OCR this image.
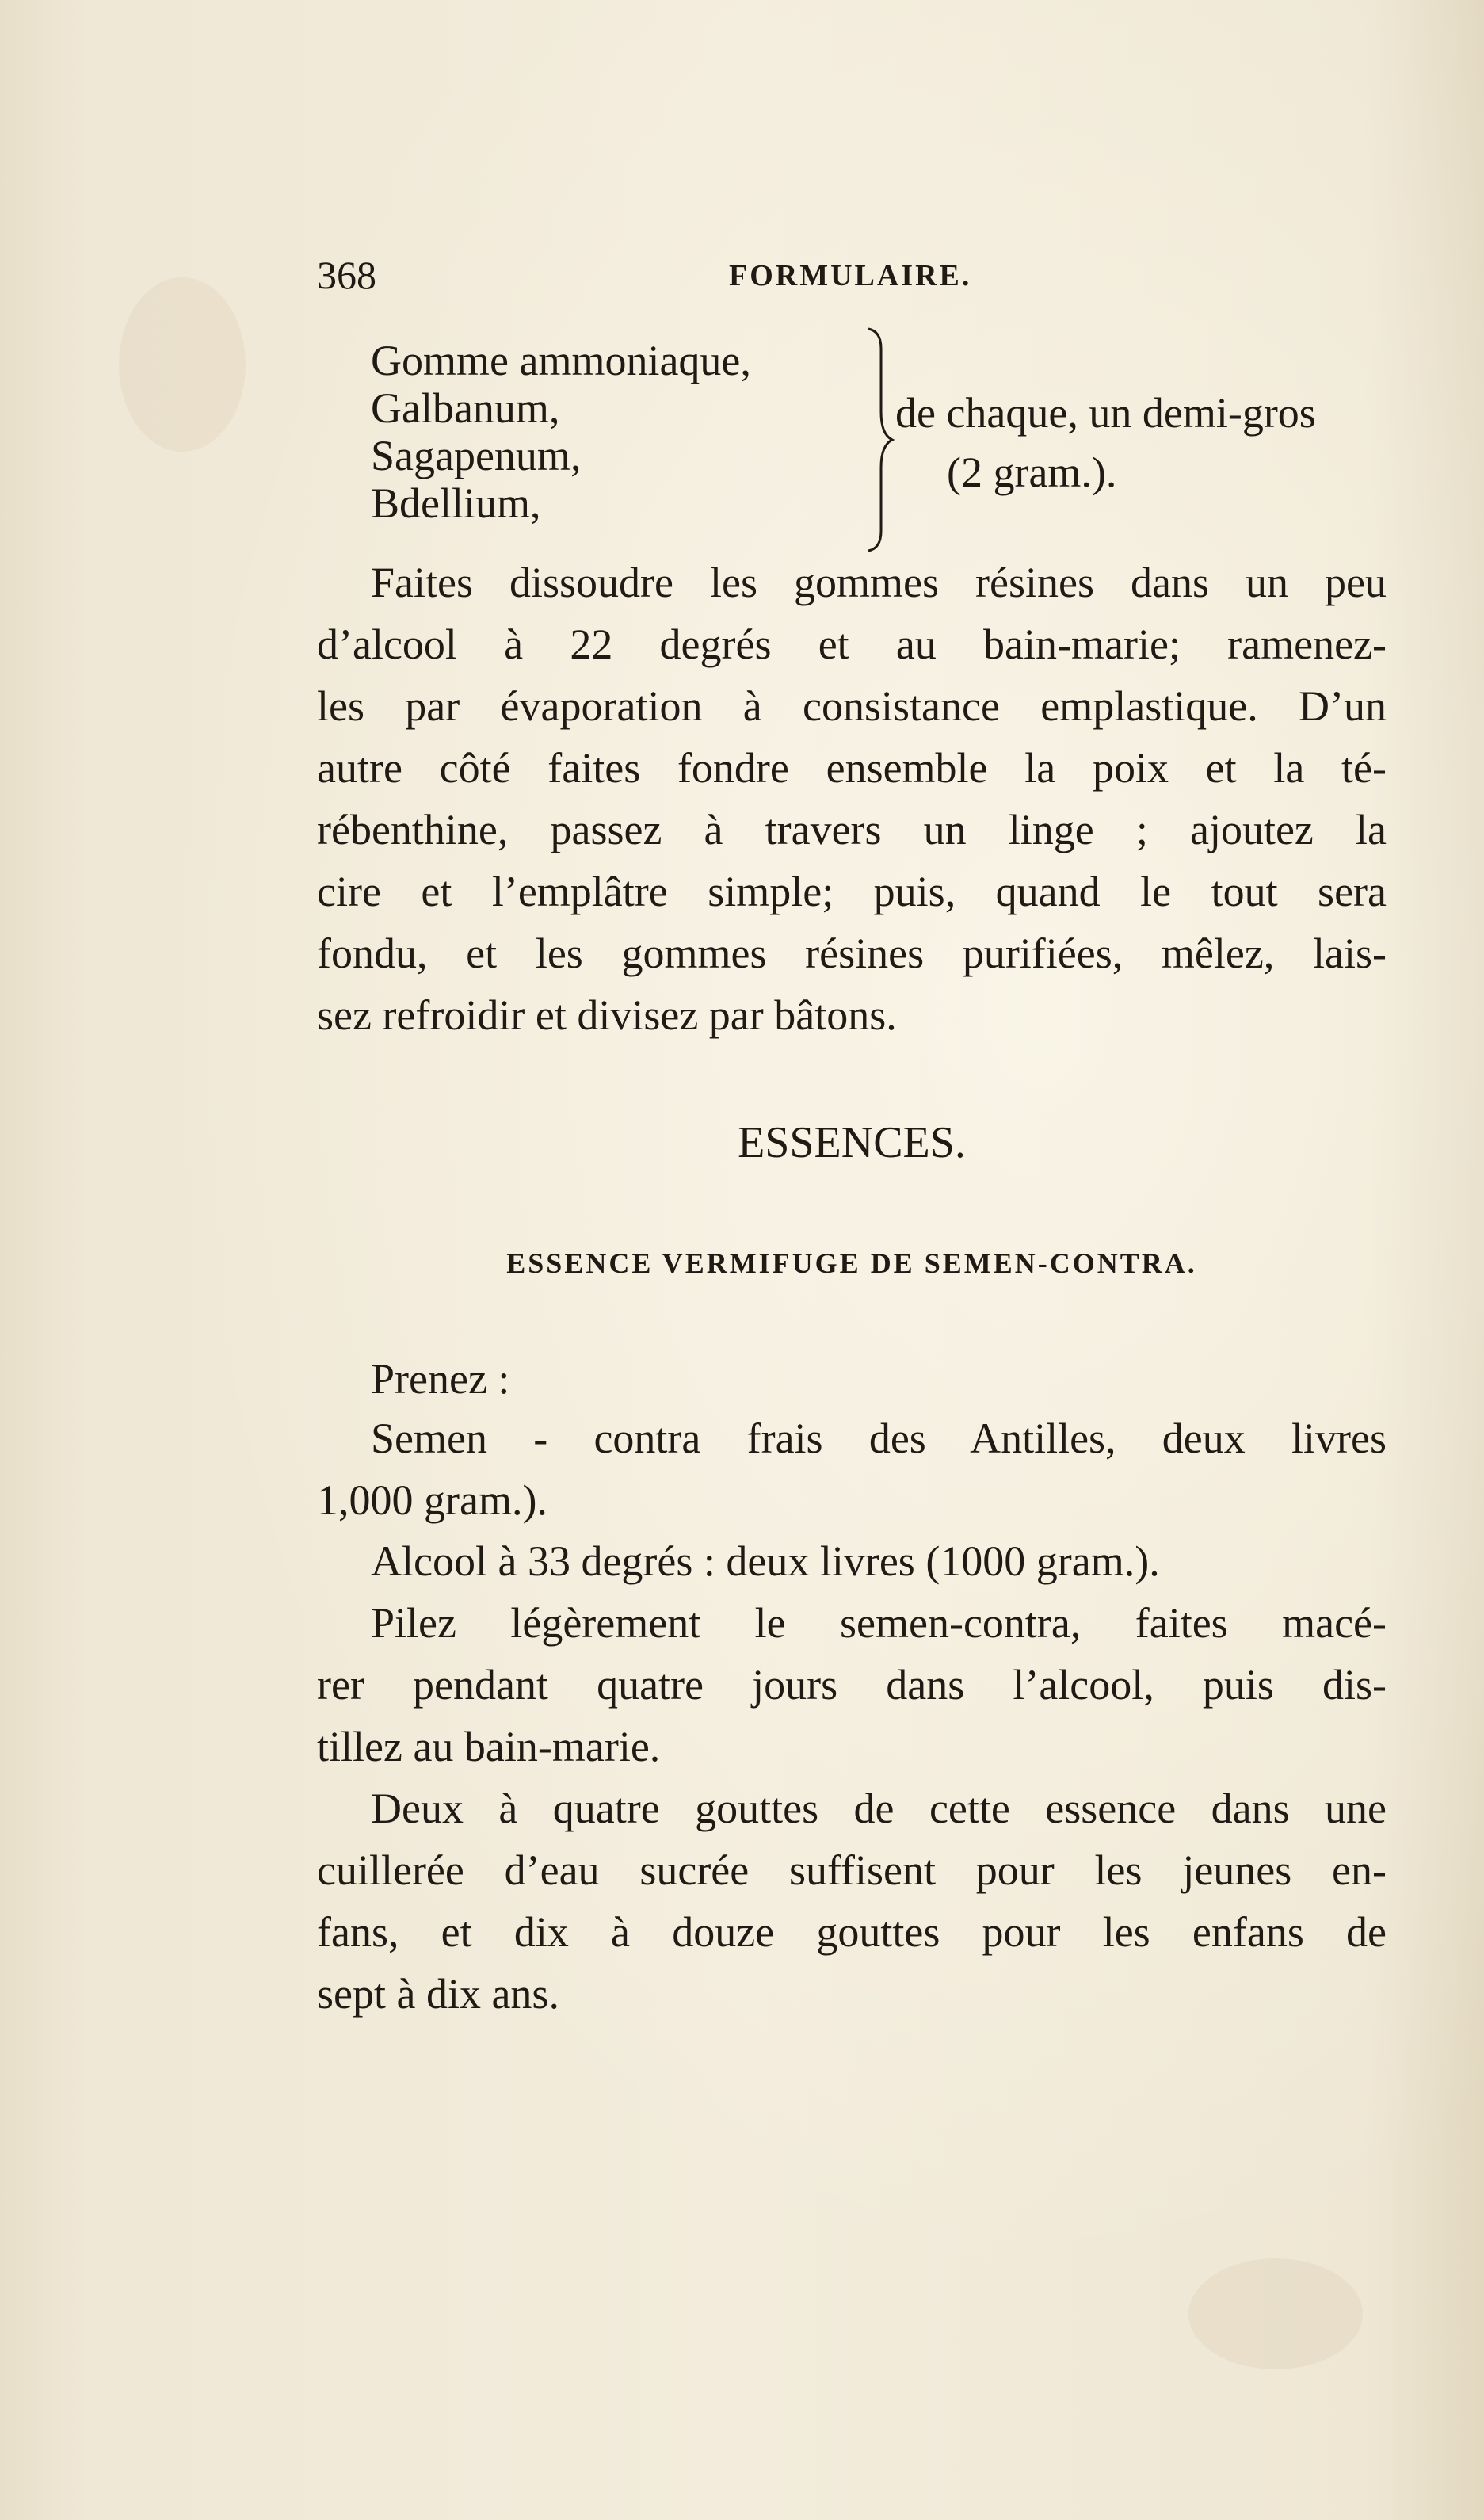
368	FORMULAIRE.
Gomme ammoniaque,
Galbanum,
Sagapenum,
Bdellium,
de chaque, un demi-gros
(2 gram.).
Faites dissoudre les gommes résines dans un peu
d’alcool à 22 degrés et au bain-marie; ramenez-
les par évaporation à consistance emplastique. D’un
autre côté faites fondre ensemble la poix et la té-
rébenthine, passez à travers un linge ; ajoutez la
cire et l’emplâtre simple; puis, quand le tout sera
fondu, et les gommes résines purifiées, mêlez, lais-
sez refroidir et divisez par bâtons.
ESSENCES.
ESSENCE VERMIFUGE DE SEMEN-CONTRA.
Prenez :
Semen - contra frais des Antilles, deux livres
1,000 gram.).
Alcool à 33 degrés : deux livres (1000 gram.).
Pilez légèrement le semen-contra, faites macé-
rer pendant quatre jours dans l’alcool, puis dis-
tillez au bain-marie.
Deux à quatre gouttes de cette essence dans une
cuillerée d’eau sucrée suffisent pour les jeunes en-
fans, et dix à douze gouttes pour les enfans de
sept à dix ans.
